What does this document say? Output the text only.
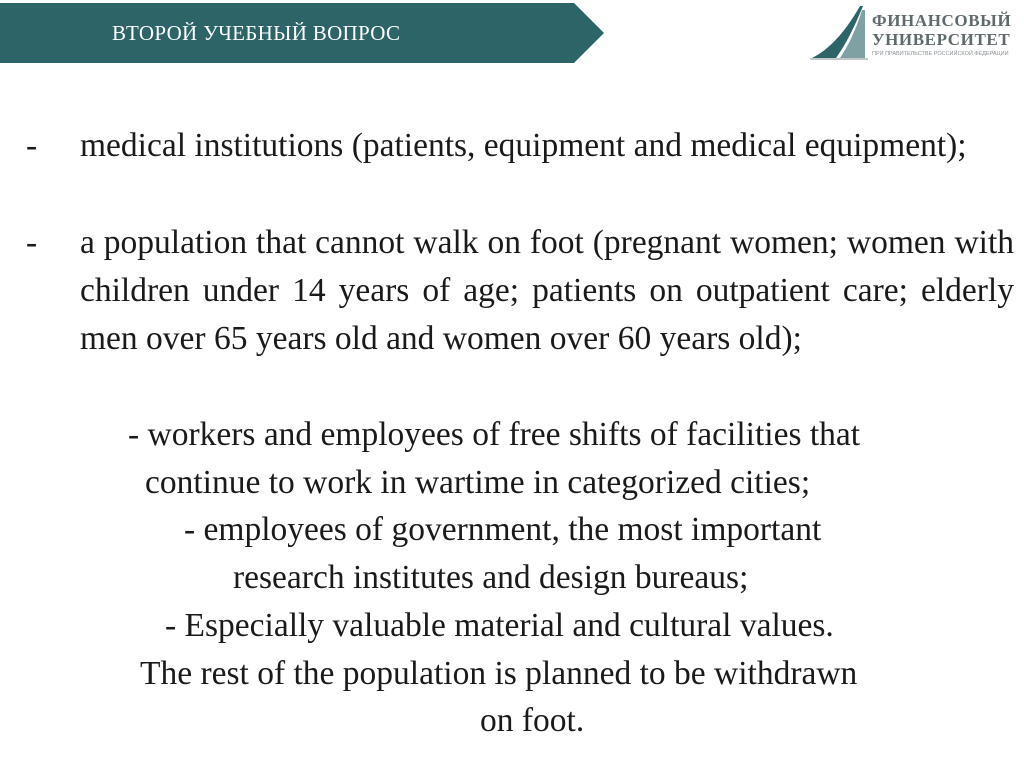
ВТОРОЙ УЧЕБНЫЙ ВОПРОС
ФИНАНСОВЫЙ
УНИВЕРСИТЕТ
ПРИ ПРАВИТЕЛЬСТВЕ РОССИЙСКОЙ ФЕДЕРАЦИИ
- medical institutions (patients, equipment and medical equipment);
- a population that cannot walk on foot (pregnant women; women with children under 14 years of age; patients on outpatient care; elderly men over 65 years old and women over 60 years old);
- workers and employees of free shifts of facilities that
continue to work in wartime in categorized cities;
- employees of government, the most important
research institutes and design bureaus;
- Especially valuable material and cultural values.
The rest of the population is planned to be withdrawn
on foot.
